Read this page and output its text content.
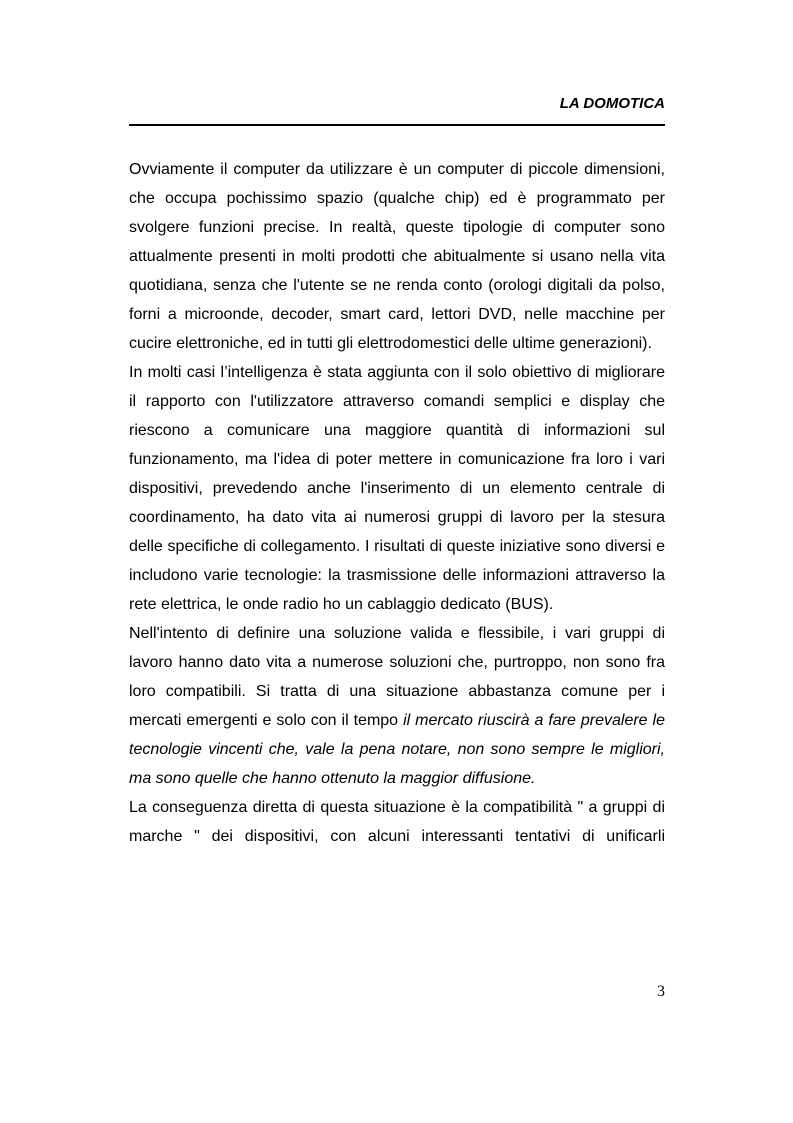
LA DOMOTICA

Ovviamente il computer da utilizzare è un computer di piccole dimensioni, che occupa pochissimo spazio (qualche chip) ed è programmato per svolgere funzioni precise. In realtà, queste tipologie di computer sono attualmente presenti in molti prodotti che abitualmente si usano nella vita quotidiana, senza che l'utente se ne renda conto (orologi digitali da polso, forni a microonde, decoder, smart card, lettori DVD, nelle macchine per cucire elettroniche, ed in tutti gli elettrodomestici delle ultime generazioni).

In molti casi l’intelligenza è stata aggiunta con il solo obiettivo di migliorare il rapporto con l'utilizzatore attraverso comandi semplici e display che riescono a comunicare una maggiore quantità di informazioni sul funzionamento, ma l'idea di poter mettere in comunicazione fra loro i vari dispositivi, prevedendo anche l'inserimento di un elemento centrale di coordinamento, ha dato vita ai numerosi gruppi di lavoro per la stesura delle specifiche di collegamento. I risultati di queste iniziative sono diversi e includono varie tecnologie: la trasmissione delle informazioni attraverso la rete elettrica, le onde radio ho un cablaggio dedicato (BUS).

Nell'intento di definire una soluzione valida e flessibile, i vari gruppi di lavoro hanno dato vita a numerose soluzioni che, purtroppo, non sono fra loro compatibili. Si tratta di una situazione abbastanza comune per i mercati emergenti e solo con il tempo il mercato riuscirà a fare prevalere le tecnologie vincenti che, vale la pena notare, non sono sempre le migliori, ma sono quelle che hanno ottenuto la maggior diffusione.

La conseguenza diretta di questa situazione è la compatibilità " a gruppi di marche " dei dispositivi, con alcuni interessanti tentativi di unificarli

3
